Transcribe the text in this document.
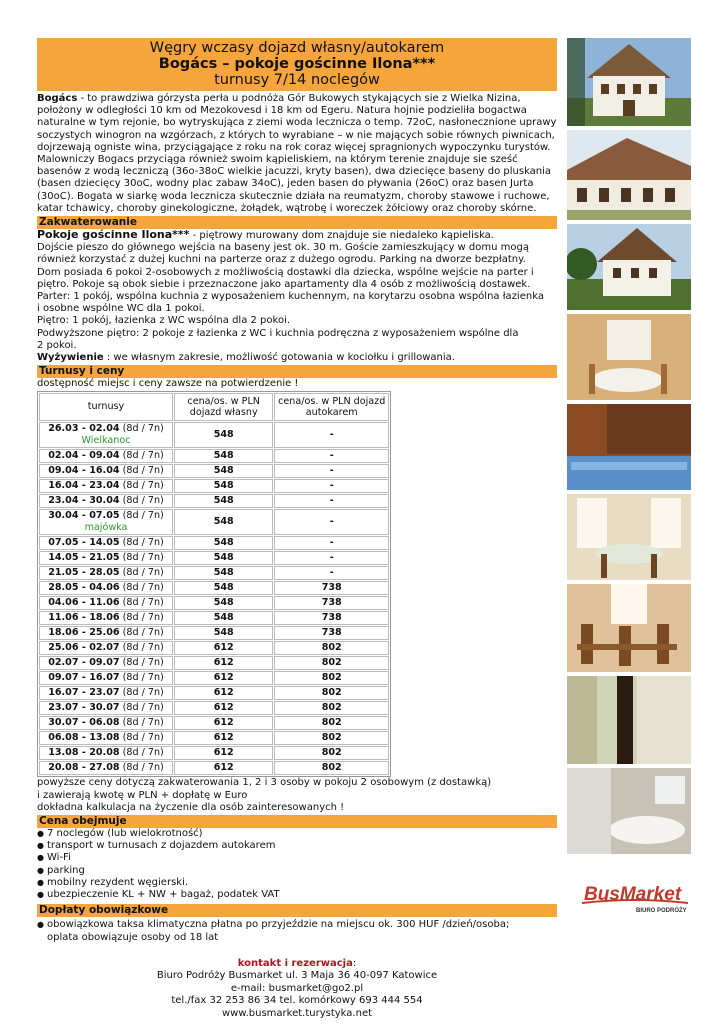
Węgry wczasy dojazd własny/autokarem
Bogács – pokoje gościnne Ilona***
turnusy 7/14 noclegów
Bogács - to prawdziwa górzysta perła u podnóża Gór Bukowych stykających sie z Wielka Nizina, położony w odległości 10 km od Mezokovesd i 18 km od Egeru. Natura hojnie podzieliła bogactwa naturalne w tym rejonie, bo wytryskująca z ziemi woda lecznicza o temp. 72oC, nasłonecznione uprawy soczystych winogron na wzgórzach, z których to wyrabiane – w nie mających sobie równych piwnicach, dojrzewają ogniste wina, przyciągające z roku na rok coraz więcej spragnionych wypoczynku turystów. Malowniczy Bogacs przyciąga również swoim kąpieliskiem, na którym terenie znajduje sie sześć basenów z wodą leczniczą (36o-38oC wielkie jacuzzi, kryty basen), dwa dziecięce baseny do pluskania (basen dziecięcy 30oC, wodny plac zabaw 34oC), jeden basen do pływania (26oC) oraz basen Jurta (30oC). Bogata w siarkę woda lecznicza skutecznie działa na reumatyzm, choroby stawowe i ruchowe, katar tchawicy, choroby ginekologiczne, żołądek, wątrobę i woreczek żółciowy oraz choroby skórne.
Zakwaterowanie
Pokoje gościnne Ilona*** - piętrowy murowany dom znajduje sie niedaleko kąpieliska.
Dojście pieszo do głównego wejścia na baseny jest ok. 30 m. Goście zamieszkujący w domu mogą
również korzystać z dużej kuchni na parterze oraz z dużego ogrodu. Parking na dworze bezpłatny.
Dom posiada 6 pokoi 2-osobowych z możliwością dostawki dla dziecka, wspólne wejście na parter i
piętro. Pokoje są obok siebie i przeznaczone jako apartamenty dla 4 osób z możliwością dostawek.
Parter: 1 pokój, wspólna kuchnia z wyposażeniem kuchennym, na korytarzu osobna wspólna łazienka
i osobne wspólne WC dla 1 pokoi.
Piętro: 1 pokój, łazienka z WC wspólna dla 2 pokoi.
Podwyższone piętro: 2 pokoje z łazienka z WC i kuchnia podręczna z wyposażeniem wspólne dla
2 pokoi.
Wyżywienie : we własnym zakresie, możliwość gotowania w kociołku i grillowania.
Turnusy i ceny
dostępność miejsc i ceny zawsze na potwierdzenie !
turnusy	cena/os. w PLN dojazd własny	cena/os. w PLN dojazd autokarem
26.03 - 02.04 (8d / 7n)
Wielkanoc	548	-
02.04 - 09.04 (8d / 7n)	548	-
09.04 - 16.04 (8d / 7n)	548	-
16.04 - 23.04 (8d / 7n)	548	-
23.04 - 30.04 (8d / 7n)	548	-
30.04 - 07.05 (8d / 7n)
majówka	548	-
07.05 - 14.05 (8d / 7n)	548	-
14.05 - 21.05 (8d / 7n)	548	-
21.05 - 28.05 (8d / 7n)	548	-
28.05 - 04.06 (8d / 7n)	548	738
04.06 - 11.06 (8d / 7n)	548	738
11.06 - 18.06 (8d / 7n)	548	738
18.06 - 25.06 (8d / 7n)	548	738
25.06 - 02.07 (8d / 7n)	612	802
02.07 - 09.07 (8d / 7n)	612	802
09.07 - 16.07 (8d / 7n)	612	802
16.07 - 23.07 (8d / 7n)	612	802
23.07 - 30.07 (8d / 7n)	612	802
30.07 - 06.08 (8d / 7n)	612	802
06.08 - 13.08 (8d / 7n)	612	802
13.08 - 20.08 (8d / 7n)	612	802
20.08 - 27.08 (8d / 7n)	612	802
powyższe ceny dotyczą zakwaterowania 1, 2 i 3 osoby w pokoju 2 osobowym (z dostawką)
i zawierają kwotę w PLN + dopłatę w Euro
dokładna kalkulacja na życzenie dla osób zainteresowanych !
Cena obejmuje
● 7 noclegów (lub wielokrotność)
● transport w turnusach z dojazdem autokarem
● Wi-Fi
● parking
● mobilny rezydent węgierski.
● ubezpieczenie KL + NW + bagaż, podatek VAT
Dopłaty obowiązkowe
● obowiązkowa taksa klimatyczna płatna po przyjeździe na miejscu ok. 300 HUF /dzień/osoba;
oplata obowiązuje osoby od 18 lat
kontakt i rezerwacja:
Biuro Podróży Busmarket ul. 3 Maja 36 40-097 Katowice
e-mail: busmarket@go2.pl
tel./fax 32 253 86 34 tel. komórkowy 693 444 554
www.busmarket.turystyka.net
BusMarket
BIURO PODRÓŻY
